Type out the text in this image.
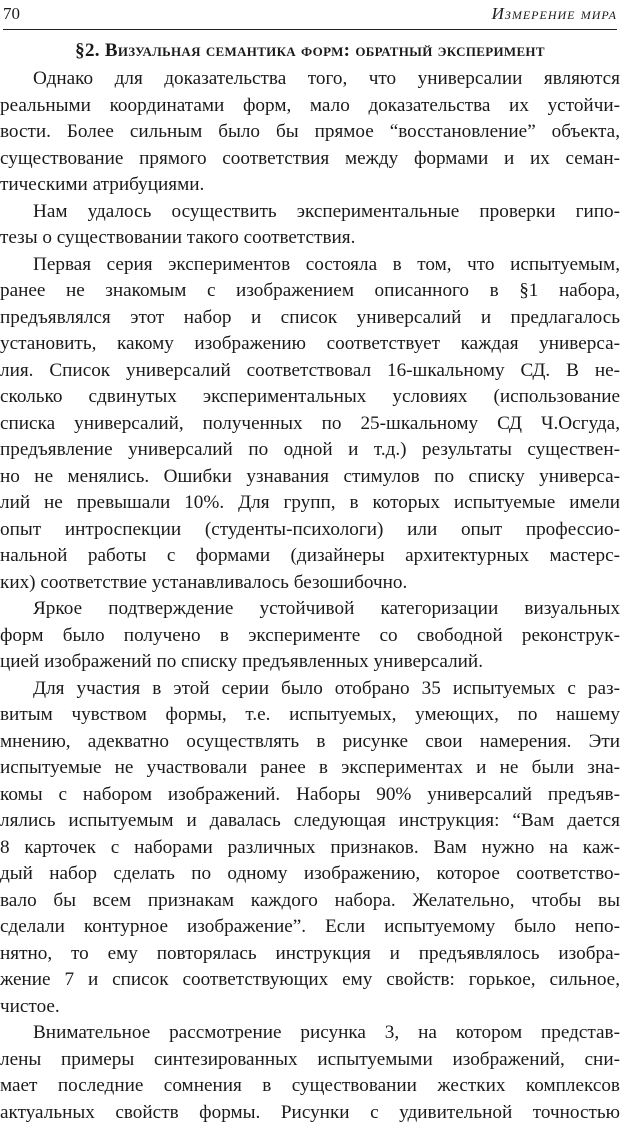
70	Измерение мира
§2. Визуальная семантика форм: обратный эксперимент
Однако для доказательства того, что универсалии являются
реальными координатами форм, мало доказательства их устойчи-
вости. Более сильным было бы прямое “восстановление” объекта,
существование прямого соответствия между формами и их семан-
тическими атрибуциями.
Нам удалось осуществить экспериментальные проверки гипо-
тезы о существовании такого соответствия.
Первая серия экспериментов состояла в том, что испытуемым,
ранее не знакомым с изображением описанного в §1 набора,
предъявлялся этот набор и список универсалий и предлагалось
установить, какому изображению соответствует каждая универса-
лия. Список универсалий соответствовал 16-шкальному СД. В не-
сколько сдвинутых экспериментальных условиях (использование
списка универсалий, полученных по 25-шкальному СД Ч.Осгуда,
предъявление универсалий по одной и т.д.) результаты существен-
но не менялись. Ошибки узнавания стимулов по списку универса-
лий не превышали 10%. Для групп, в которых испытуемые имели
опыт интроспекции (студенты-психологи) или опыт профессио-
нальной работы с формами (дизайнеры архитектурных мастерс-
ких) соответствие устанавливалось безошибочно.
Яркое подтверждение устойчивой категоризации визуальных
форм было получено в эксперименте со свободной реконструк-
цией изображений по списку предъявленных универсалий.
Для участия в этой серии было отобрано 35 испытуемых с раз-
витым чувством формы, т.е. испытуемых, умеющих, по нашему
мнению, адекватно осуществлять в рисунке свои намерения. Эти
испытуемые не участвовали ранее в экспериментах и не были зна-
комы с набором изображений. Наборы 90% универсалий предъяв-
лялись испытуемым и давалась следующая инструкция: “Вам дается
8 карточек с наборами различных признаков. Вам нужно на каж-
дый набор сделать по одному изображению, которое соответство-
вало бы всем признакам каждого набора. Желательно, чтобы вы
сделали контурное изображение”. Если испытуемому было непо-
нятно, то ему повторялась инструкция и предъявлялось изобра-
жение 7 и список соответствующих ему свойств: горькое, сильное,
чистое.
Внимательное рассмотрение рисунка 3, на котором представ-
лены примеры синтезированных испытуемыми изображений, сни-
мает последние сомнения в существовании жестких комплексов
актуальных свойств формы. Рисунки с удивительной точностью
